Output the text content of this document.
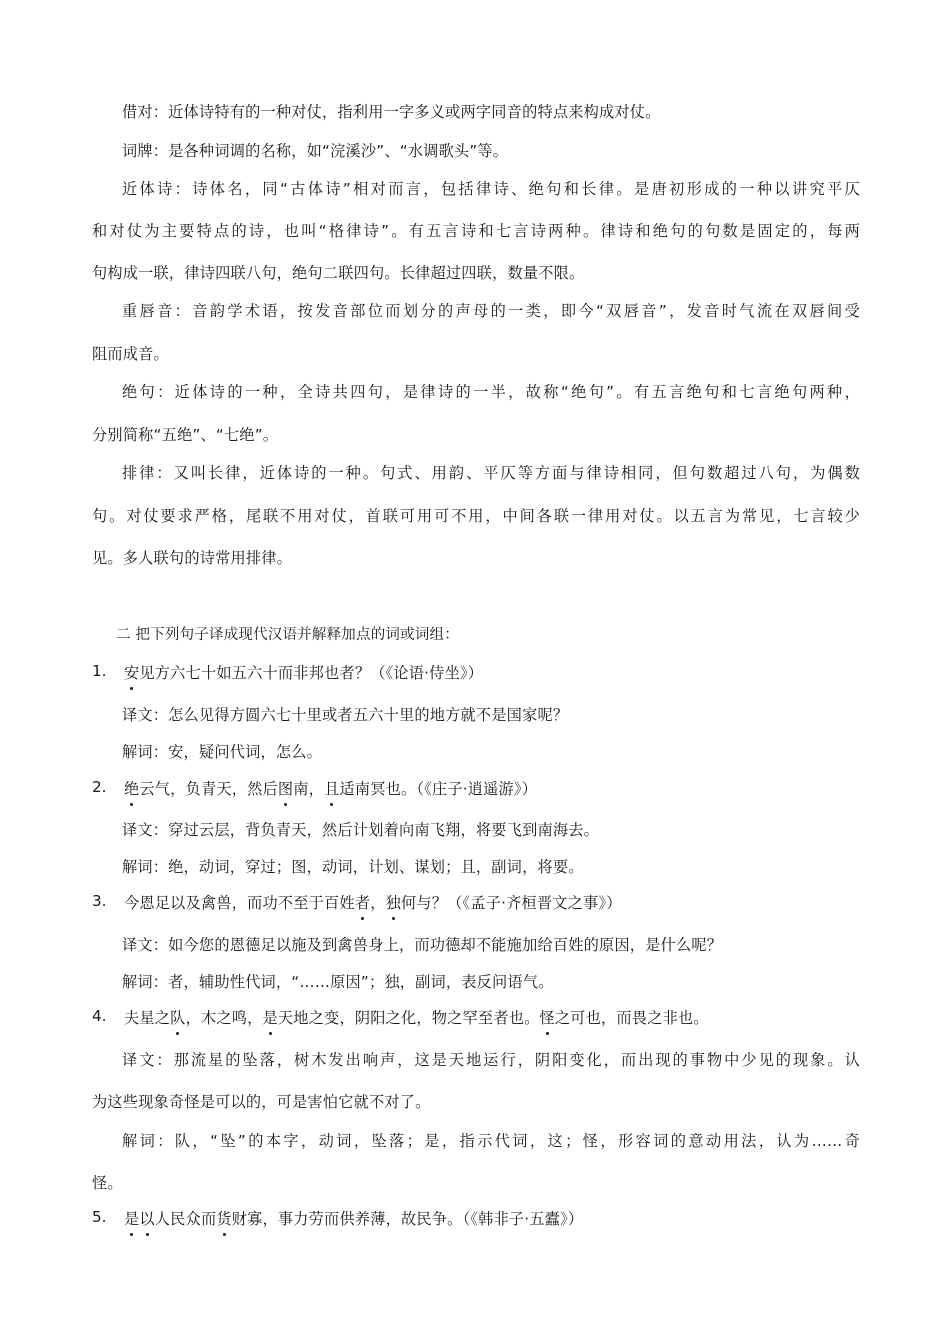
借对：近体诗特有的一种对仗，指利用一字多义或两字同音的特点来构成对仗。

词牌：是各种词调的名称，如“浣溪沙”、“水调歌头”等。

近体诗：诗体名，同“古体诗”相对而言，包括律诗、绝句和长律。是唐初形成的一种以讲究平仄

和对仗为主要特点的诗，也叫“格律诗”。有五言诗和七言诗两种。律诗和绝句的句数是固定的，每两

句构成一联，律诗四联八句，绝句二联四句。长律超过四联，数量不限。

重唇音：音韵学术语，按发音部位而划分的声母的一类，即今“双唇音”，发音时气流在双唇间受

阻而成音。

绝句：近体诗的一种，全诗共四句，是律诗的一半，故称“绝句”。有五言绝句和七言绝句两种，

分别简称“五绝”、“七绝”。

排律：又叫长律，近体诗的一种。句式、用韵、平仄等方面与律诗相同，但句数超过八句，为偶数

句。对仗要求严格，尾联不用对仗，首联可用可不用，中间各联一律用对仗。以五言为常见，七言较少

见。多人联句的诗常用排律。

二 把下列句子译成现代汉语并解释加点的词或词组：

1. 安见方六七十如五六十而非邦也者？（《论语·侍坐》）

译文：怎么见得方圆六七十里或者五六十里的地方就不是国家呢？

解词：安，疑问代词，怎么。

2. 绝云气，负青天，然后图南，且适南冥也。（《庄子·逍遥游》）

译文：穿过云层，背负青天，然后计划着向南飞翔，将要飞到南海去。

解词：绝，动词，穿过；图，动词，计划、谋划；且，副词，将要。

3. 今恩足以及禽兽，而功不至于百姓者，独何与？（《孟子·齐桓晋文之事》）

译文：如今您的恩德足以施及到禽兽身上，而功德却不能施加给百姓的原因，是什么呢？

解词：者，辅助性代词，“……原因”；独，副词，表反问语气。

4. 夫星之队，木之鸣，是天地之变，阴阳之化，物之罕至者也。怪之可也，而畏之非也。

译文：那流星的坠落，树木发出响声，这是天地运行，阴阳变化，而出现的事物中少见的现象。认

为这些现象奇怪是可以的，可是害怕它就不对了。

解词：队，“坠”的本字，动词，坠落；是，指示代词，这；怪，形容词的意动用法，认为……奇

怪。

5. 是以人民众而货财寡，事力劳而供养薄，故民争。（《韩非子·五蠹》）
